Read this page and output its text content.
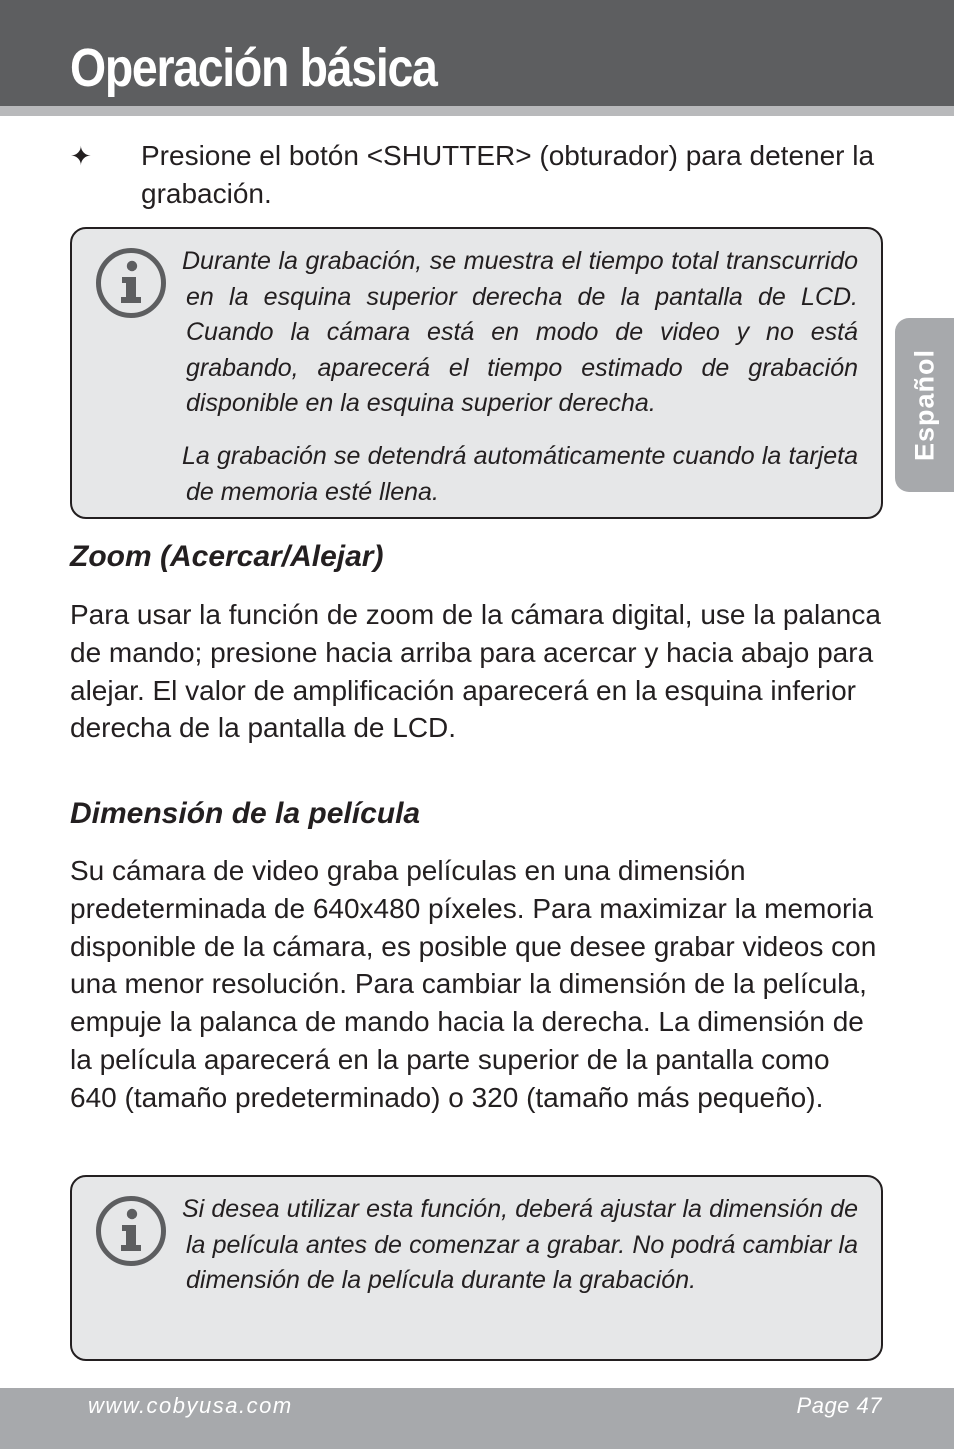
Operación básica
Español
✦ Presione el botón <SHUTTER> (obturador) para detener la grabación.

Durante la grabación, se muestra el tiempo total transcurrido en la esquina superior derecha de la pantalla de LCD. Cuando la cámara está en modo de video y no está grabando, aparecerá el tiempo estimado de grabación disponible en la esquina superior derecha.

La grabación se detendrá automáticamente cuando la tarjeta de memoria esté llena.

Zoom (Acercar/Alejar)

Para usar la función de zoom de la cámara digital, use la palanca de mando; presione hacia arriba para acercar y hacia abajo para alejar. El valor de amplificación aparecerá en la esquina inferior derecha de la pantalla de LCD.

Dimensión de la película

Su cámara de video graba películas en una dimensión predeterminada de 640x480 píxeles. Para maximizar la memoria disponible de la cámara, es posible que desee grabar videos con una menor resolución. Para cambiar la dimensión de la película, empuje la palanca de mando hacia la derecha. La dimensión de la película aparecerá en la parte superior de la pantalla como 640 (tamaño predeterminado) o 320 (tamaño más pequeño).

Si desea utilizar esta función, deberá ajustar la dimensión de la película antes de comenzar a grabar. No podrá cambiar la dimensión de la película durante la grabación.

www.cobyusa.com	Page 47
